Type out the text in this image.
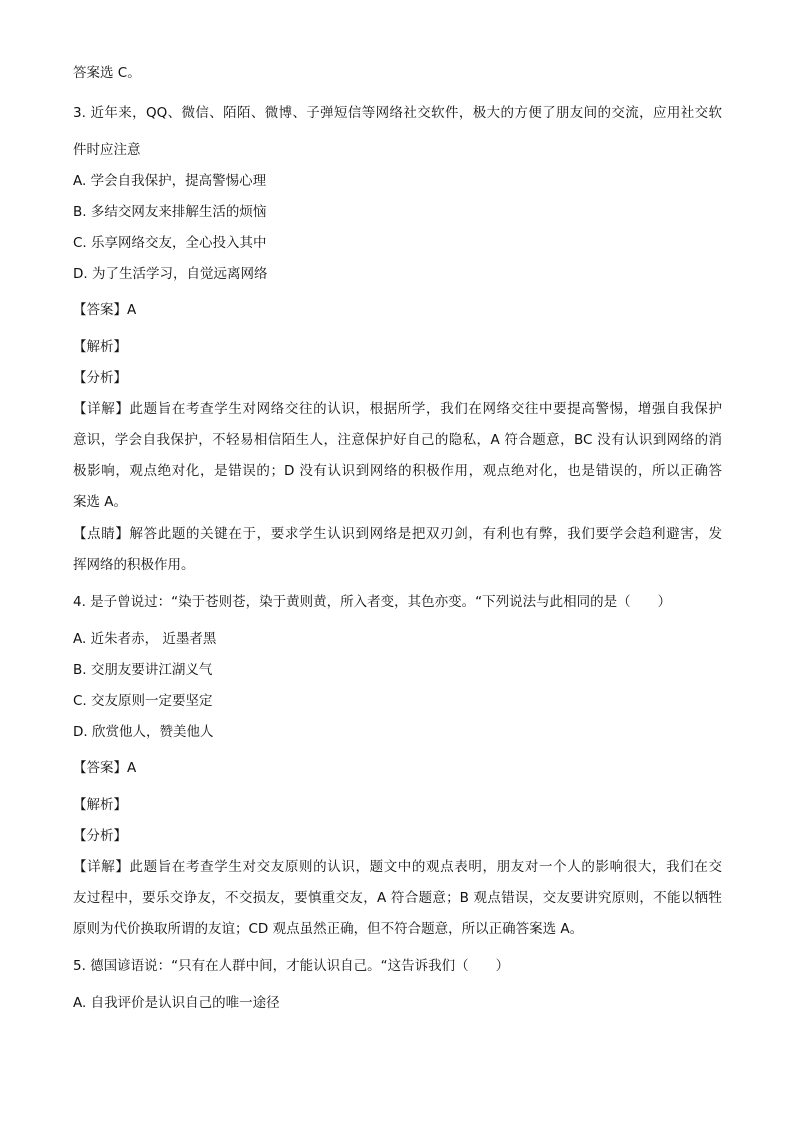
答案选 C。
3. 近年来，QQ、微信、陌陌、微博、子弹短信等网络社交软件，极大的方便了朋友间的交流，应用社交软
件时应注意
A. 学会自我保护，提高警惕心理
B. 多结交网友来排解生活的烦恼
C. 乐享网络交友，全心投入其中
D. 为了生活学习，自觉远离网络
【答案】A
【解析】
【分析】
【详解】此题旨在考查学生对网络交往的认识，根据所学，我们在网络交往中要提高警惕，增强自我保护
意识，学会自我保护，不轻易相信陌生人，注意保护好自己的隐私，A 符合题意，BC 没有认识到网络的消
极影响，观点绝对化，是错误的；D 没有认识到网络的积极作用，观点绝对化，也是错误的，所以正确答
案选 A。
【点睛】解答此题的关键在于，要求学生认识到网络是把双刃剑，有利也有弊，我们要学会趋利避害，发
挥网络的积极作用。
4. 是子曾说过：“染于苍则苍，染于黄则黄，所入者变，其色亦变。“下列说法与此相同的是（　　）
A. 近朱者赤， 近墨者黑
B. 交朋友要讲江湖义气
C. 交友原则一定要坚定
D. 欣赏他人，赞美他人
【答案】A
【解析】
【分析】
【详解】此题旨在考查学生对交友原则的认识，题文中的观点表明，朋友对一个人的影响很大，我们在交
友过程中，要乐交诤友，不交损友，要慎重交友，A 符合题意；B 观点错误，交友要讲究原则，不能以牺牲
原则为代价换取所谓的友谊；CD 观点虽然正确，但不符合题意，所以正确答案选 A。
5. 德国谚语说：“只有在人群中间，才能认识自己。“这告诉我们（　　）
A. 自我评价是认识自己的唯一途径
